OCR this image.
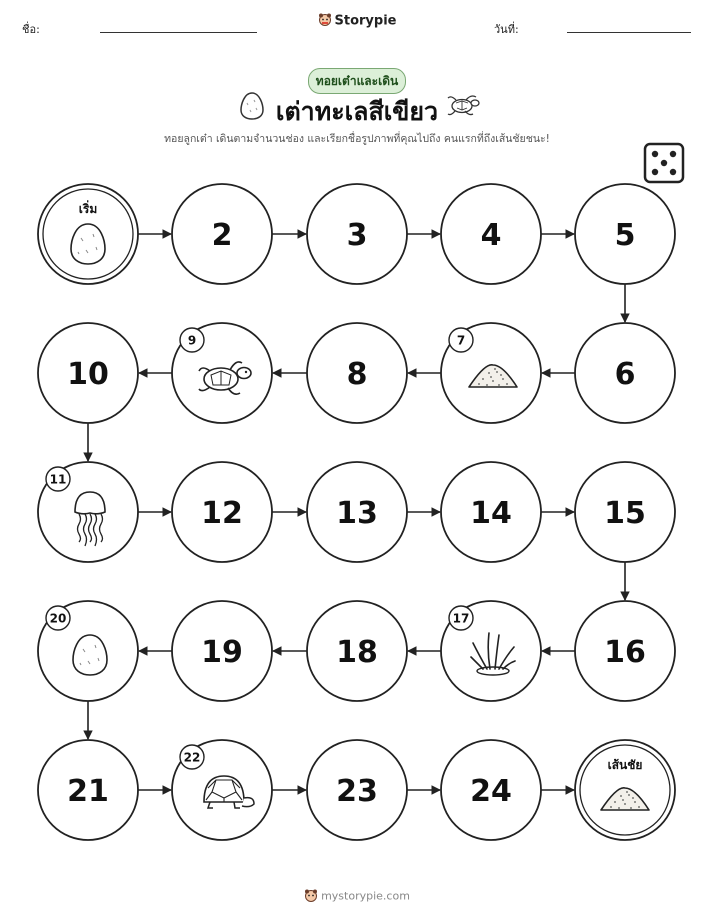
ชื่อ:
Storypie
วันที่:
ทอยเต๋าและเดิน
เต่าทะเลสีเขียว
ทอยลูกเต๋า เดินตามจำนวนช่อง และเรียกชื่อรูปภาพที่คุณไปถึง คนแรกที่ถึงเส้นชัยชนะ!
เริ่ม
2	3	4	5
6
7
8
9
10
11
12	13	14	15
16
17
18
19
20
21
22
23	24
เส้นชัย
mystorypie.com
